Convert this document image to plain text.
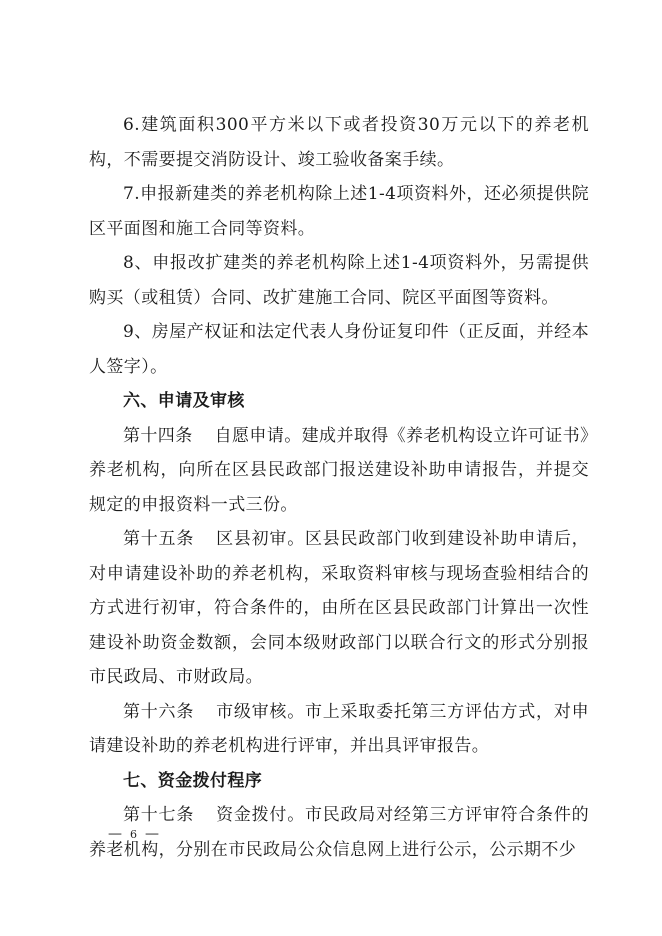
6.建筑面积300平方米以下或者投资30万元以下的养老机构，不需要提交消防设计、竣工验收备案手续。

7.申报新建类的养老机构除上述1-4项资料外，还必须提供院区平面图和施工合同等资料。

8、申报改扩建类的养老机构除上述1-4项资料外，另需提供购买（或租赁）合同、改扩建施工合同、院区平面图等资料。

9、房屋产权证和法定代表人身份证复印件（正反面，并经本人签字）。

六、申请及审核

第十四条 自愿申请。建成并取得《养老机构设立许可证书》养老机构，向所在区县民政部门报送建设补助申请报告，并提交规定的申报资料一式三份。

第十五条 区县初审。区县民政部门收到建设补助申请后，对申请建设补助的养老机构，采取资料审核与现场查验相结合的方式进行初审，符合条件的，由所在区县民政部门计算出一次性建设补助资金数额，会同本级财政部门以联合行文的形式分别报市民政局、市财政局。

第十六条 市级审核。市上采取委托第三方评估方式，对申请建设补助的养老机构进行评审，并出具评审报告。

七、资金拨付程序

第十七条 资金拨付。市民政局对经第三方评审符合条件的养老机构，分别在市民政局公众信息网上进行公示，公示期不少

— 6 —
